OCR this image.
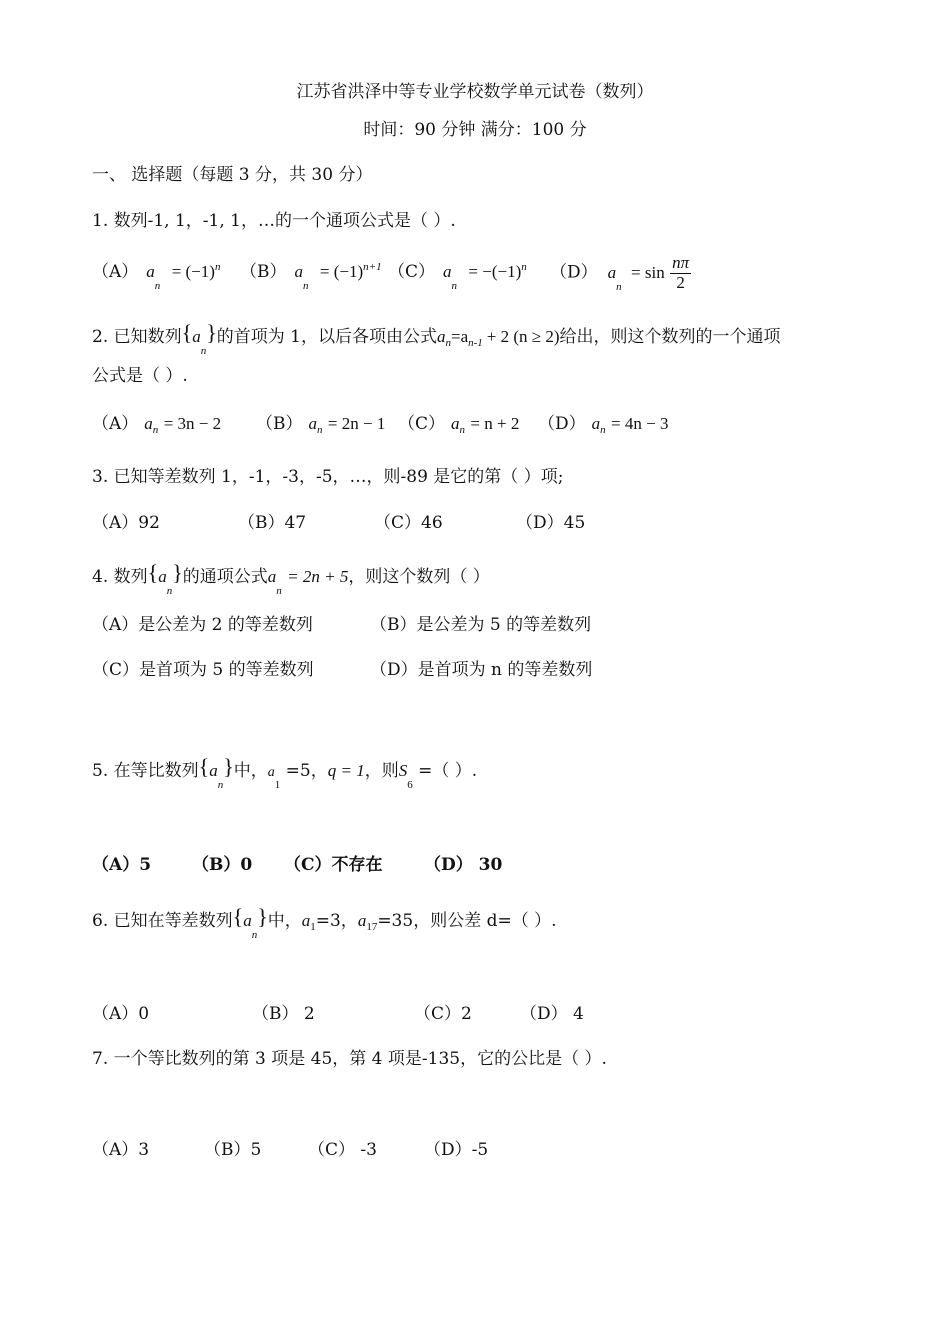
江苏省洪泽中等专业学校数学单元试卷（数列）
时间：90 分钟 满分：100 分
一、 选择题（每题 3 分，共 30 分）
1. 数列-1, 1，-1, 1，…的一个通项公式是（ ）.
（A） $a_n = (-1)^n$ （B） $a_n = (-1)^{n+1}$ （C） $a_n = -(-1)^n$ （D） $a_n = \sin \frac{n\pi}{2}$
2. 已知数列$\{a_n\}$的首项为 1，以后各项由公式$a_n=a_{n-1} + 2$ (n ≥ 2)给出，则这个数列的一个通项
公式是（ ）.
（A） $a_n = 3n - 2$ （B） $a_n = 2n - 1$ （C） $a_n = n + 2$ （D） $a_n = 4n - 3$
3. 已知等差数列 1，-1，-3，-5，…，则-89 是它的第（ ）项;
（A）92	（B）47	（C）46	（D）45
4. 数列$\{a_n\}$的通项公式$a_n = 2n + 5$，则这个数列（ ）
（A）是公差为 2 的等差数列	（B）是公差为 5 的等差数列
（C）是首项为 5 的等差数列	（D）是首项为 n 的等差数列
5. 在等比数列$\{a_n\}$中，$a_1 =5$，q = 1，则$S_6$ =（ ）.
（A）5 （B）0 （C）不存在 （D） 30
6. 已知在等差数列$\{a_n\}$中，$a_1=3$，$a_{17}=35$，则公差 d=（ ）.
（A）0	（B） 2	（C）2	（D） 4
7. 一个等比数列的第 3 项是 45，第 4 项是-135，它的公比是（ ）.
（A）3	（B）5	（C） -3	（D）-5
